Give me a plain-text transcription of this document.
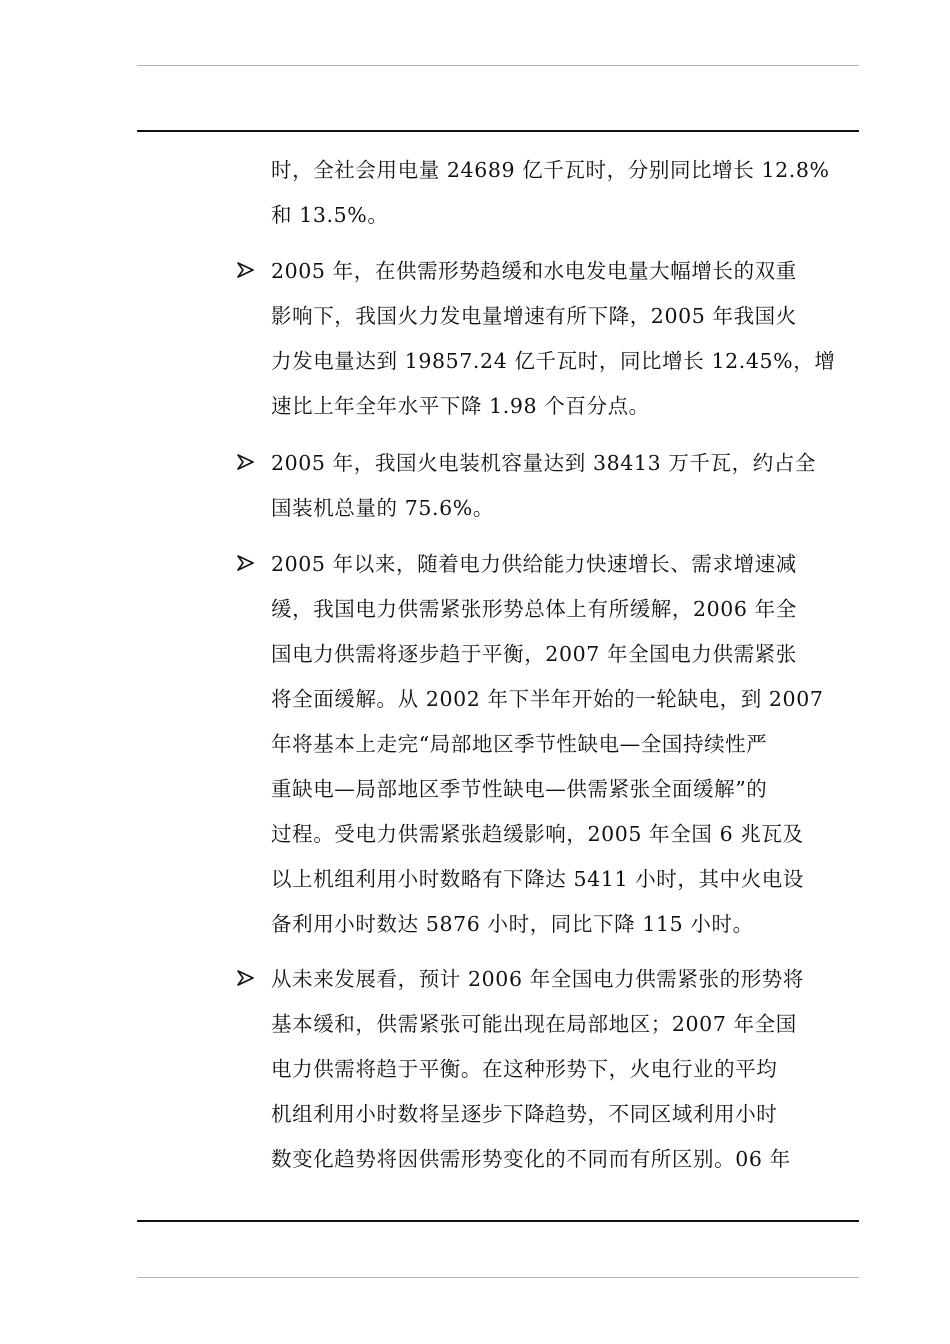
时，全社会用电量 24689 亿千瓦时，分别同比增长 12.8%
和 13.5%。
2005 年，在供需形势趋缓和水电发电量大幅增长的双重
影响下，我国火力发电量增速有所下降，2005 年我国火
力发电量达到 19857.24 亿千瓦时，同比增长 12.45%，增
速比上年全年水平下降 1.98 个百分点。
2005 年，我国火电装机容量达到 38413 万千瓦，约占全
国装机总量的 75.6%。
2005 年以来，随着电力供给能力快速增长、需求增速减
缓，我国电力供需紧张形势总体上有所缓解，2006 年全
国电力供需将逐步趋于平衡，2007 年全国电力供需紧张
将全面缓解。从 2002 年下半年开始的一轮缺电，到 2007
年将基本上走完“局部地区季节性缺电—全国持续性严
重缺电—局部地区季节性缺电—供需紧张全面缓解”的
过程。受电力供需紧张趋缓影响，2005 年全国 6 兆瓦及
以上机组利用小时数略有下降达 5411 小时，其中火电设
备利用小时数达 5876 小时，同比下降 115 小时。
从未来发展看，预计 2006 年全国电力供需紧张的形势将
基本缓和，供需紧张可能出现在局部地区；2007 年全国
电力供需将趋于平衡。在这种形势下，火电行业的平均
机组利用小时数将呈逐步下降趋势，不同区域利用小时
数变化趋势将因供需形势变化的不同而有所区别。06 年
